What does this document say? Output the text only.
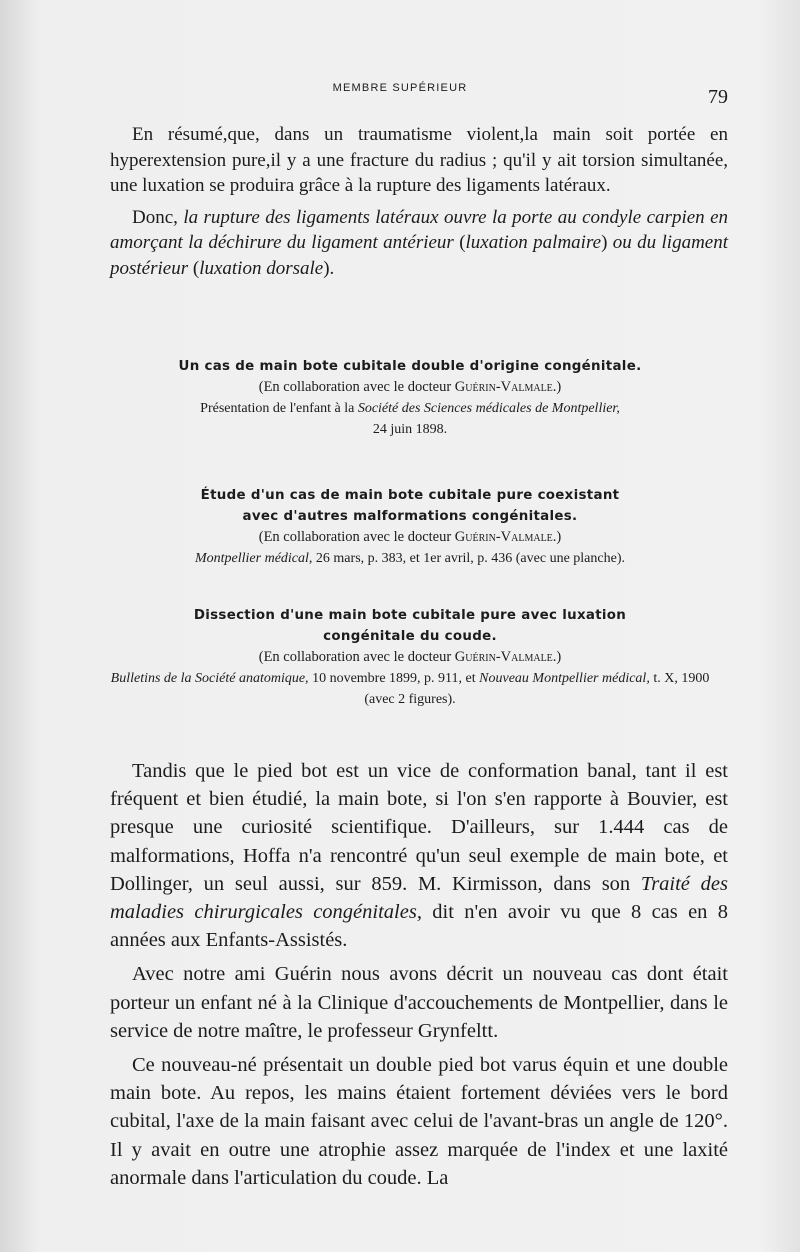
MEMBRE SUPÉRIEUR	79

En résumé,que, dans un traumatisme violent,la main soit portée en hyperextension pure,il y a une fracture du radius ; qu'il y ait torsion simultanée, une luxation se produira grâce à la rupture des ligaments latéraux.

Donc, la rupture des ligaments latéraux ouvre la porte au condyle carpien en amorçant la déchirure du ligament antérieur (luxation palmaire) ou du ligament postérieur (luxation dorsale).

Un cas de main bote cubitale double d'origine congénitale.
(En collaboration avec le docteur Guérin-Valmale.)
Présentation de l'enfant à la Société des Sciences médicales de Montpellier,
24 juin 1898.
Étude d'un cas de main bote cubitale pure coexistant
avec d'autres malformations congénitales.
(En collaboration avec le docteur Guérin-Valmale.)
Montpellier médical, 26 mars, p. 383, et 1er avril, p. 436 (avec une planche).
Dissection d'une main bote cubitale pure avec luxation
congénitale du coude.
(En collaboration avec le docteur Guérin-Valmale.)
Bulletins de la Société anatomique, 10 novembre 1899, p. 911, et Nouveau Montpellier médical, t. X, 1900 (avec 2 figures).

Tandis que le pied bot est un vice de conformation banal, tant il est fréquent et bien étudié, la main bote, si l'on s'en rapporte à Bouvier, est presque une curiosité scientifique. D'ailleurs, sur 1.444 cas de malformations, Hoffa n'a rencontré qu'un seul exemple de main bote, et Dollinger, un seul aussi, sur 859. M. Kirmisson, dans son Traité des maladies chirurgicales congénitales, dit n'en avoir vu que 8 cas en 8 années aux Enfants-Assistés.

Avec notre ami Guérin nous avons décrit un nouveau cas dont était porteur un enfant né à la Clinique d'accouchements de Montpellier, dans le service de notre maître, le professeur Grynfeltt.

Ce nouveau-né présentait un double pied bot varus équin et une double main bote. Au repos, les mains étaient fortement déviées vers le bord cubital, l'axe de la main faisant avec celui de l'avant-bras un angle de 120°. Il y avait en outre une atrophie assez marquée de l'index et une laxité anormale dans l'articulation du coude. La
